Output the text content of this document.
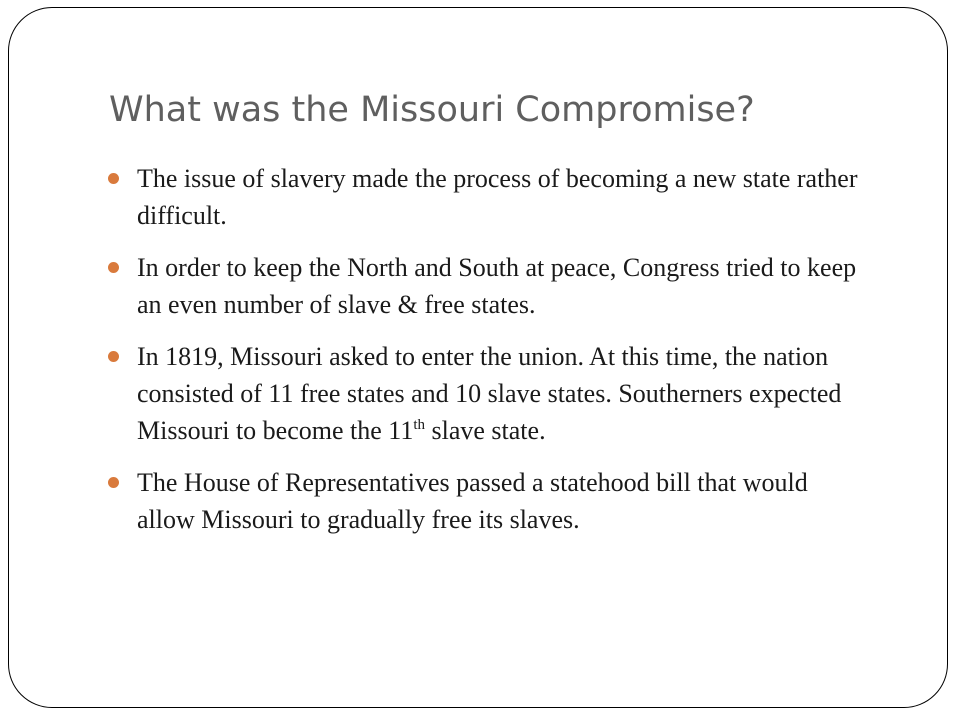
What was the Missouri Compromise?
The issue of slavery made the process of becoming a new state rather difficult.
In order to keep the North and South at peace, Congress tried to keep an even number of slave & free states.
In 1819, Missouri asked to enter the union. At this time, the nation consisted of 11 free states and 10 slave states. Southerners expected Missouri to become the 11th slave state.
The House of Representatives passed a statehood bill that would allow Missouri to gradually free its slaves.
